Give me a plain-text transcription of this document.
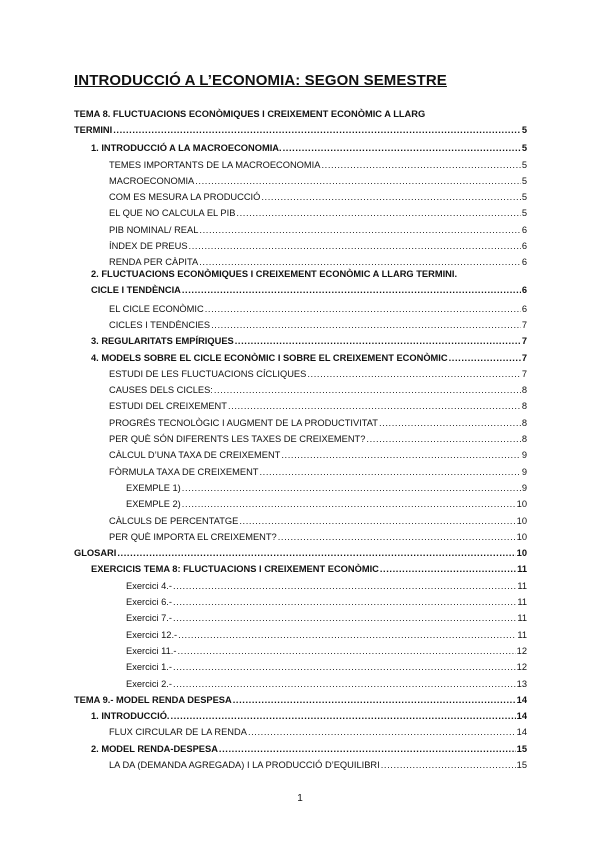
INTRODUCCIÓ A L’ECONOMIA: SEGON SEMESTRE
TEMA 8. FLUCTUACIONS ECONÒMIQUES I CREIXEMENT ECONÒMIC A LLARG
TERMINI .....	5
1. INTRODUCCIÓ A LA MACROECONOMIA. .....	5
TEMES IMPORTANTS DE LA MACROECONOMIA .....	5
MACROECONOMIA .....	5
COM ES MESURA LA PRODUCCIÓ .....	5
EL QUE NO CALCULA EL PIB .....	5
PIB NOMINAL/ REAL .....	6
ÍNDEX DE PREUS .....	6
RENDA PER CÀPITA .....	6
2. FLUCTUACIONS ECONÒMIQUES I CREIXEMENT ECONÒMIC A LLARG TERMINI.
CICLE I TENDÈNCIA .....	6
EL CICLE ECONÒMIC .....	6
CICLES I TENDÈNCIES .....	7
3. REGULARITATS EMPÍRIQUES .....	7
4. MODELS SOBRE EL CICLE ECONÒMIC I SOBRE EL CREIXEMENT ECONÒMIC .....	7
ESTUDI DE LES FLUCTUACIONS CÍCLIQUES .....	7
CAUSES DELS CICLES: .....	8
ESTUDI DEL CREIXEMENT .....	8
PROGRÉS TECNOLÒGIC I AUGMENT DE LA PRODUCTIVITAT .....	8
PER QUÈ SÓN DIFERENTS LES TAXES DE CREIXEMENT? .....	8
CÀLCUL D’UNA TAXA DE CREIXEMENT .....	9
FÒRMULA TAXA DE CREIXEMENT .....	9
EXEMPLE 1) .....	9
EXEMPLE 2) .....	10
CÀLCULS DE PERCENTATGE .....	10
PER QUÈ IMPORTA EL CREIXEMENT? .....	10
GLOSARI .....	10
EXERCICIS TEMA 8: FLUCTUACIONS I CREIXEMENT ECONÒMIC .....	11
Exercici 4.- .....	11
Exercici 6.- .....	11
Exercici 7.- .....	11
Exercici 12.- .....	11
Exercici 11.- .....	12
Exercici 1.- .....	12
Exercici 2.- .....	13
TEMA 9.- MODEL RENDA DESPESA .....	14
1. INTRODUCCIÓ. .....	14
FLUX CIRCULAR DE LA RENDA .....	14
2. MODEL RENDA-DESPESA .....	15
LA DA (DEMANDA AGREGADA) I LA PRODUCCIÓ D’EQUILIBRI .....	15
1
